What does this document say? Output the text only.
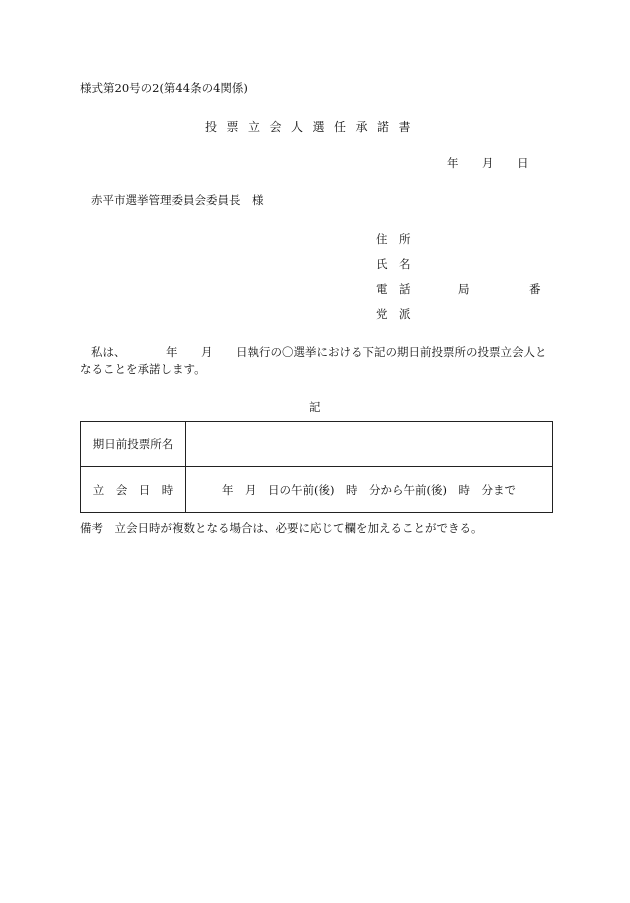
様式第20号の2(第44条の4関係)
投票立会人選任承諾書
年 月 日
赤平市選挙管理委員会委員長　様
住　所
氏　名
電　話	局	番
党　派
私は、	年 月 日執行の〇選挙における下記の期日前投票所の投票立会人と
なることを承諾します。
記
期日前投票所名	
立　会　日　時	年　月　日の午前(後)　時　分から午前(後)　時　分まで
備考　立会日時が複数となる場合は、必要に応じて欄を加えることができる。
